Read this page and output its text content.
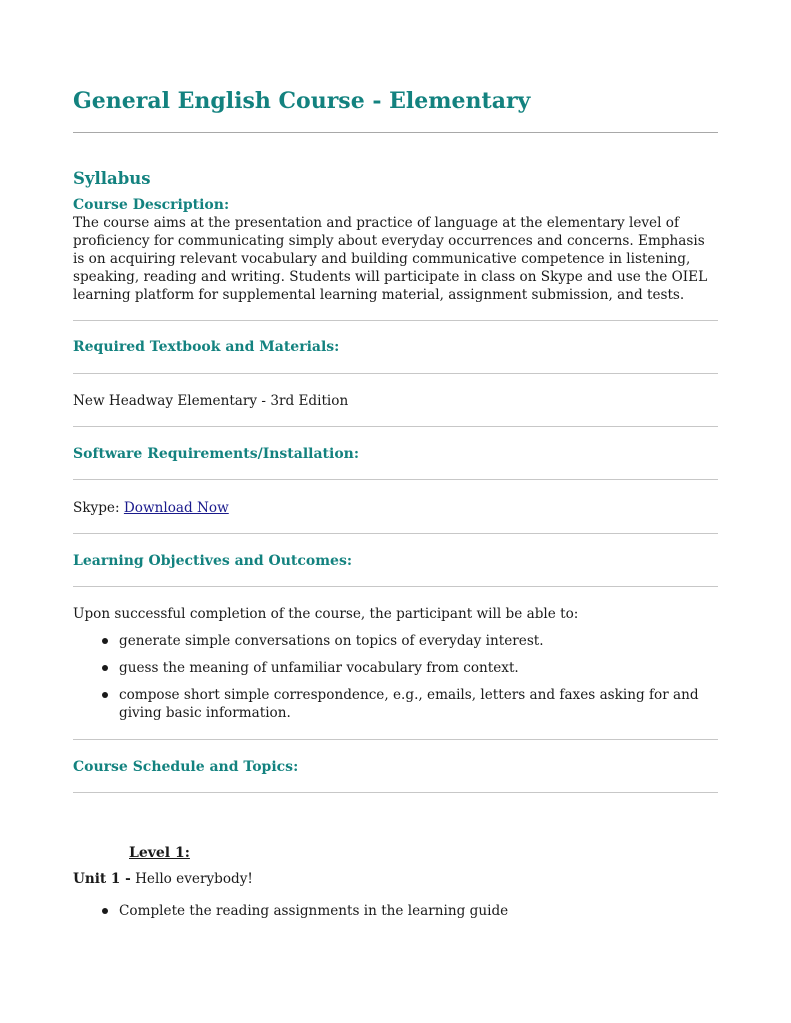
General English Course - Elementary
Syllabus
Course Description:

The course aims at the presentation and practice of language at the elementary level of proficiency for communicating simply about everyday occurrences and concerns. Emphasis is on acquiring relevant vocabulary and building communicative competence in listening, speaking, reading and writing. Students will participate in class on Skype and use the OIEL learning platform for supplemental learning material, assignment submission, and tests.

Required Textbook and Materials:

New Headway Elementary - 3rd Edition

Software Requirements/Installation:

Skype: Download Now

Learning Objectives and Outcomes:

Upon successful completion of the course, the participant will be able to:

generate simple conversations on topics of everyday interest.
guess the meaning of unfamiliar vocabulary from context.
compose short simple correspondence, e.g., emails, letters and faxes asking for and giving basic information.
Course Schedule and Topics:

Level 1:

Unit 1 - Hello everybody!

Complete the reading assignments in the learning guide
